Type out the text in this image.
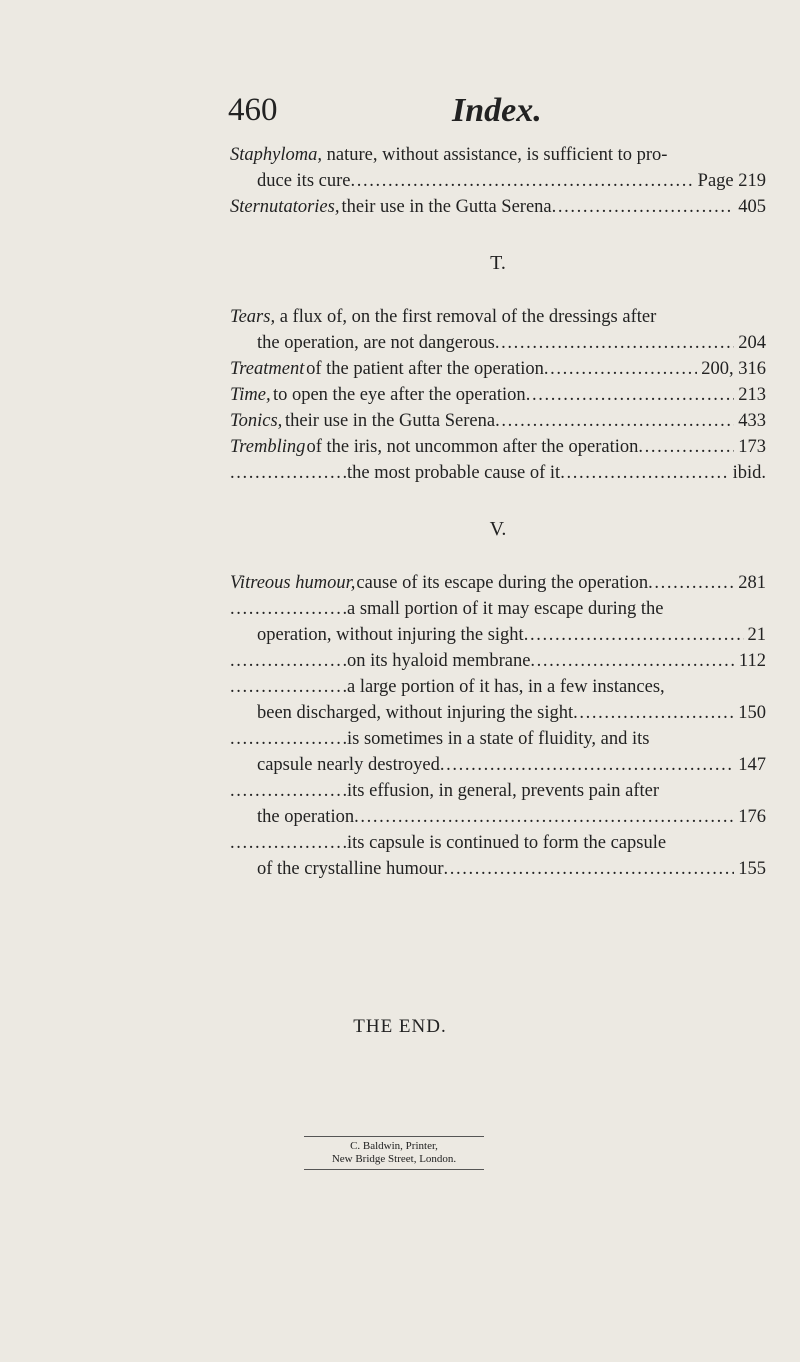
460	Index.
Staphyloma, nature, without assistance, is sufficient to pro-
duce its cure . . .	Page 219
Sternutatories, their use in the Gutta Serena . . .	405
T.
Tears, a flux of, on the first removal of the dressings after
the operation, are not dangerous . . .	204
Treatment of the patient after the operation . . .	200, 316
Time, to open the eye after the operation . . .	213
Tonics, their use in the Gutta Serena . . .	433
Trembling of the iris, not uncommon after the operation . . .	173
. . .
the most probable cause of it . . .	ibid.
V.
Vitreous humour, cause of its escape during the operation . . .	281
. . .
a small portion of it may escape during the
operation, without injuring the sight . . .	21
. . .
on its hyaloid membrane . . .	112
. . .
a large portion of it has, in a few instances,
been discharged, without injuring the sight . . .	150
. . .
is sometimes in a state of fluidity, and its
capsule nearly destroyed . . .	147
. . .
its effusion, in general, prevents pain after
the operation . . .	176
. . .
its capsule is continued to form the capsule
of the crystalline humour . . .	155
THE END.
C. Baldwin, Printer,
New Bridge Street, London.
